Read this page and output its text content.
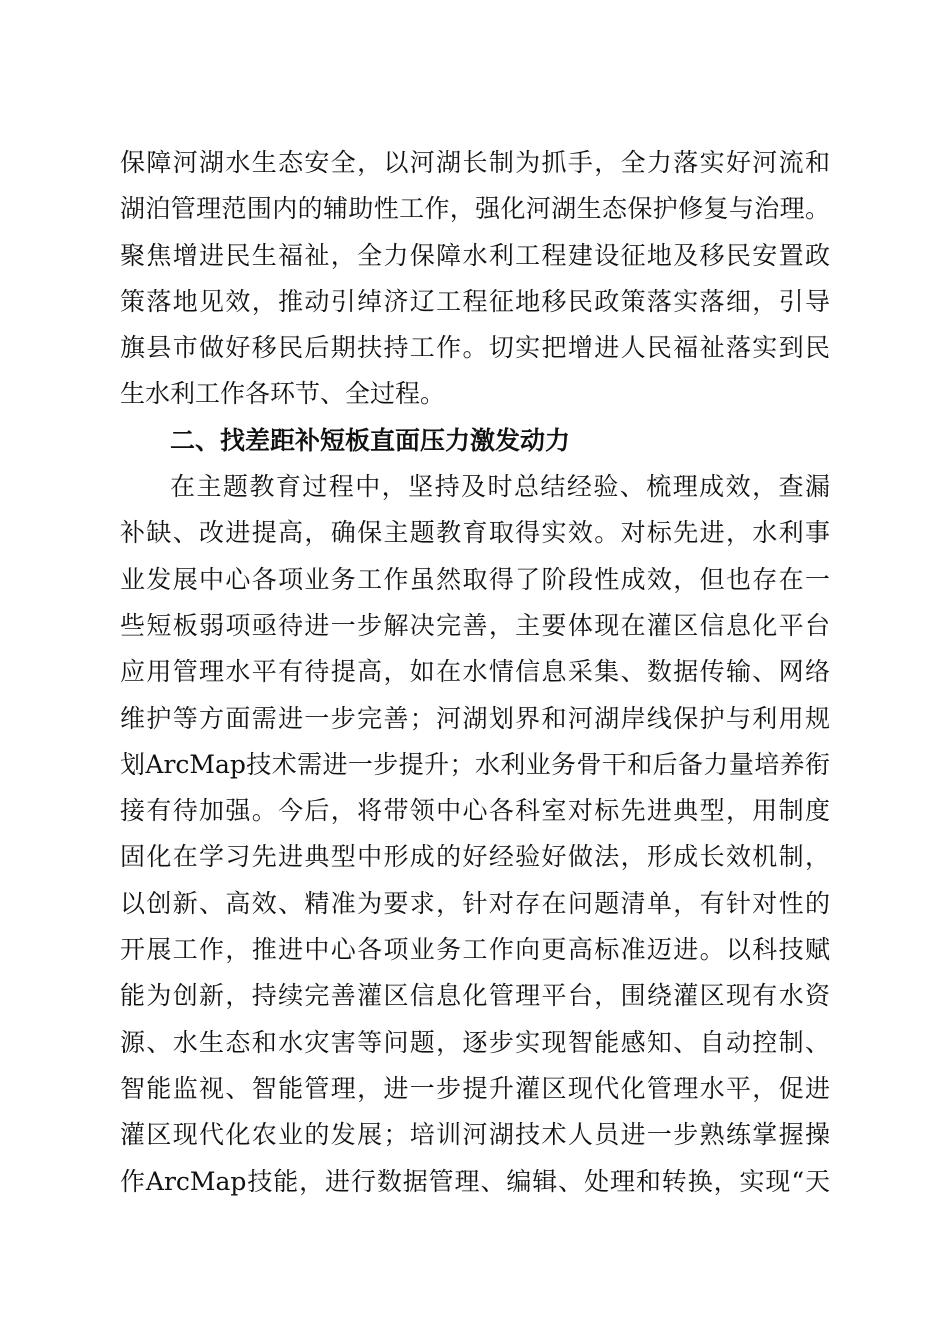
保障河湖水生态安全，以河湖长制为抓手，全力落实好河流和
湖泊管理范围内的辅助性工作，强化河湖生态保护修复与治理。
聚焦增进民生福祉，全力保障水利工程建设征地及移民安置政
策落地见效，推动引绰济辽工程征地移民政策落实落细，引导
旗县市做好移民后期扶持工作。切实把增进人民福祉落实到民
生水利工作各环节、全过程。
二、找差距补短板直面压力激发动力
在主题教育过程中，坚持及时总结经验、梳理成效，查漏
补缺、改进提高，确保主题教育取得实效。对标先进，水利事
业发展中心各项业务工作虽然取得了阶段性成效，但也存在一
些短板弱项亟待进一步解决完善，主要体现在灌区信息化平台
应用管理水平有待提高，如在水情信息采集、数据传输、网络
维护等方面需进一步完善；河湖划界和河湖岸线保护与利用规
划ArcMap技术需进一步提升；水利业务骨干和后备力量培养衔
接有待加强。今后，将带领中心各科室对标先进典型，用制度
固化在学习先进典型中形成的好经验好做法，形成长效机制，
以创新、高效、精准为要求，针对存在问题清单，有针对性的
开展工作，推进中心各项业务工作向更高标准迈进。以科技赋
能为创新，持续完善灌区信息化管理平台，围绕灌区现有水资
源、水生态和水灾害等问题，逐步实现智能感知、自动控制、
智能监视、智能管理，进一步提升灌区现代化管理水平，促进
灌区现代化农业的发展；培训河湖技术人员进一步熟练掌握操
作ArcMap技能，进行数据管理、编辑、处理和转换，实现“天
